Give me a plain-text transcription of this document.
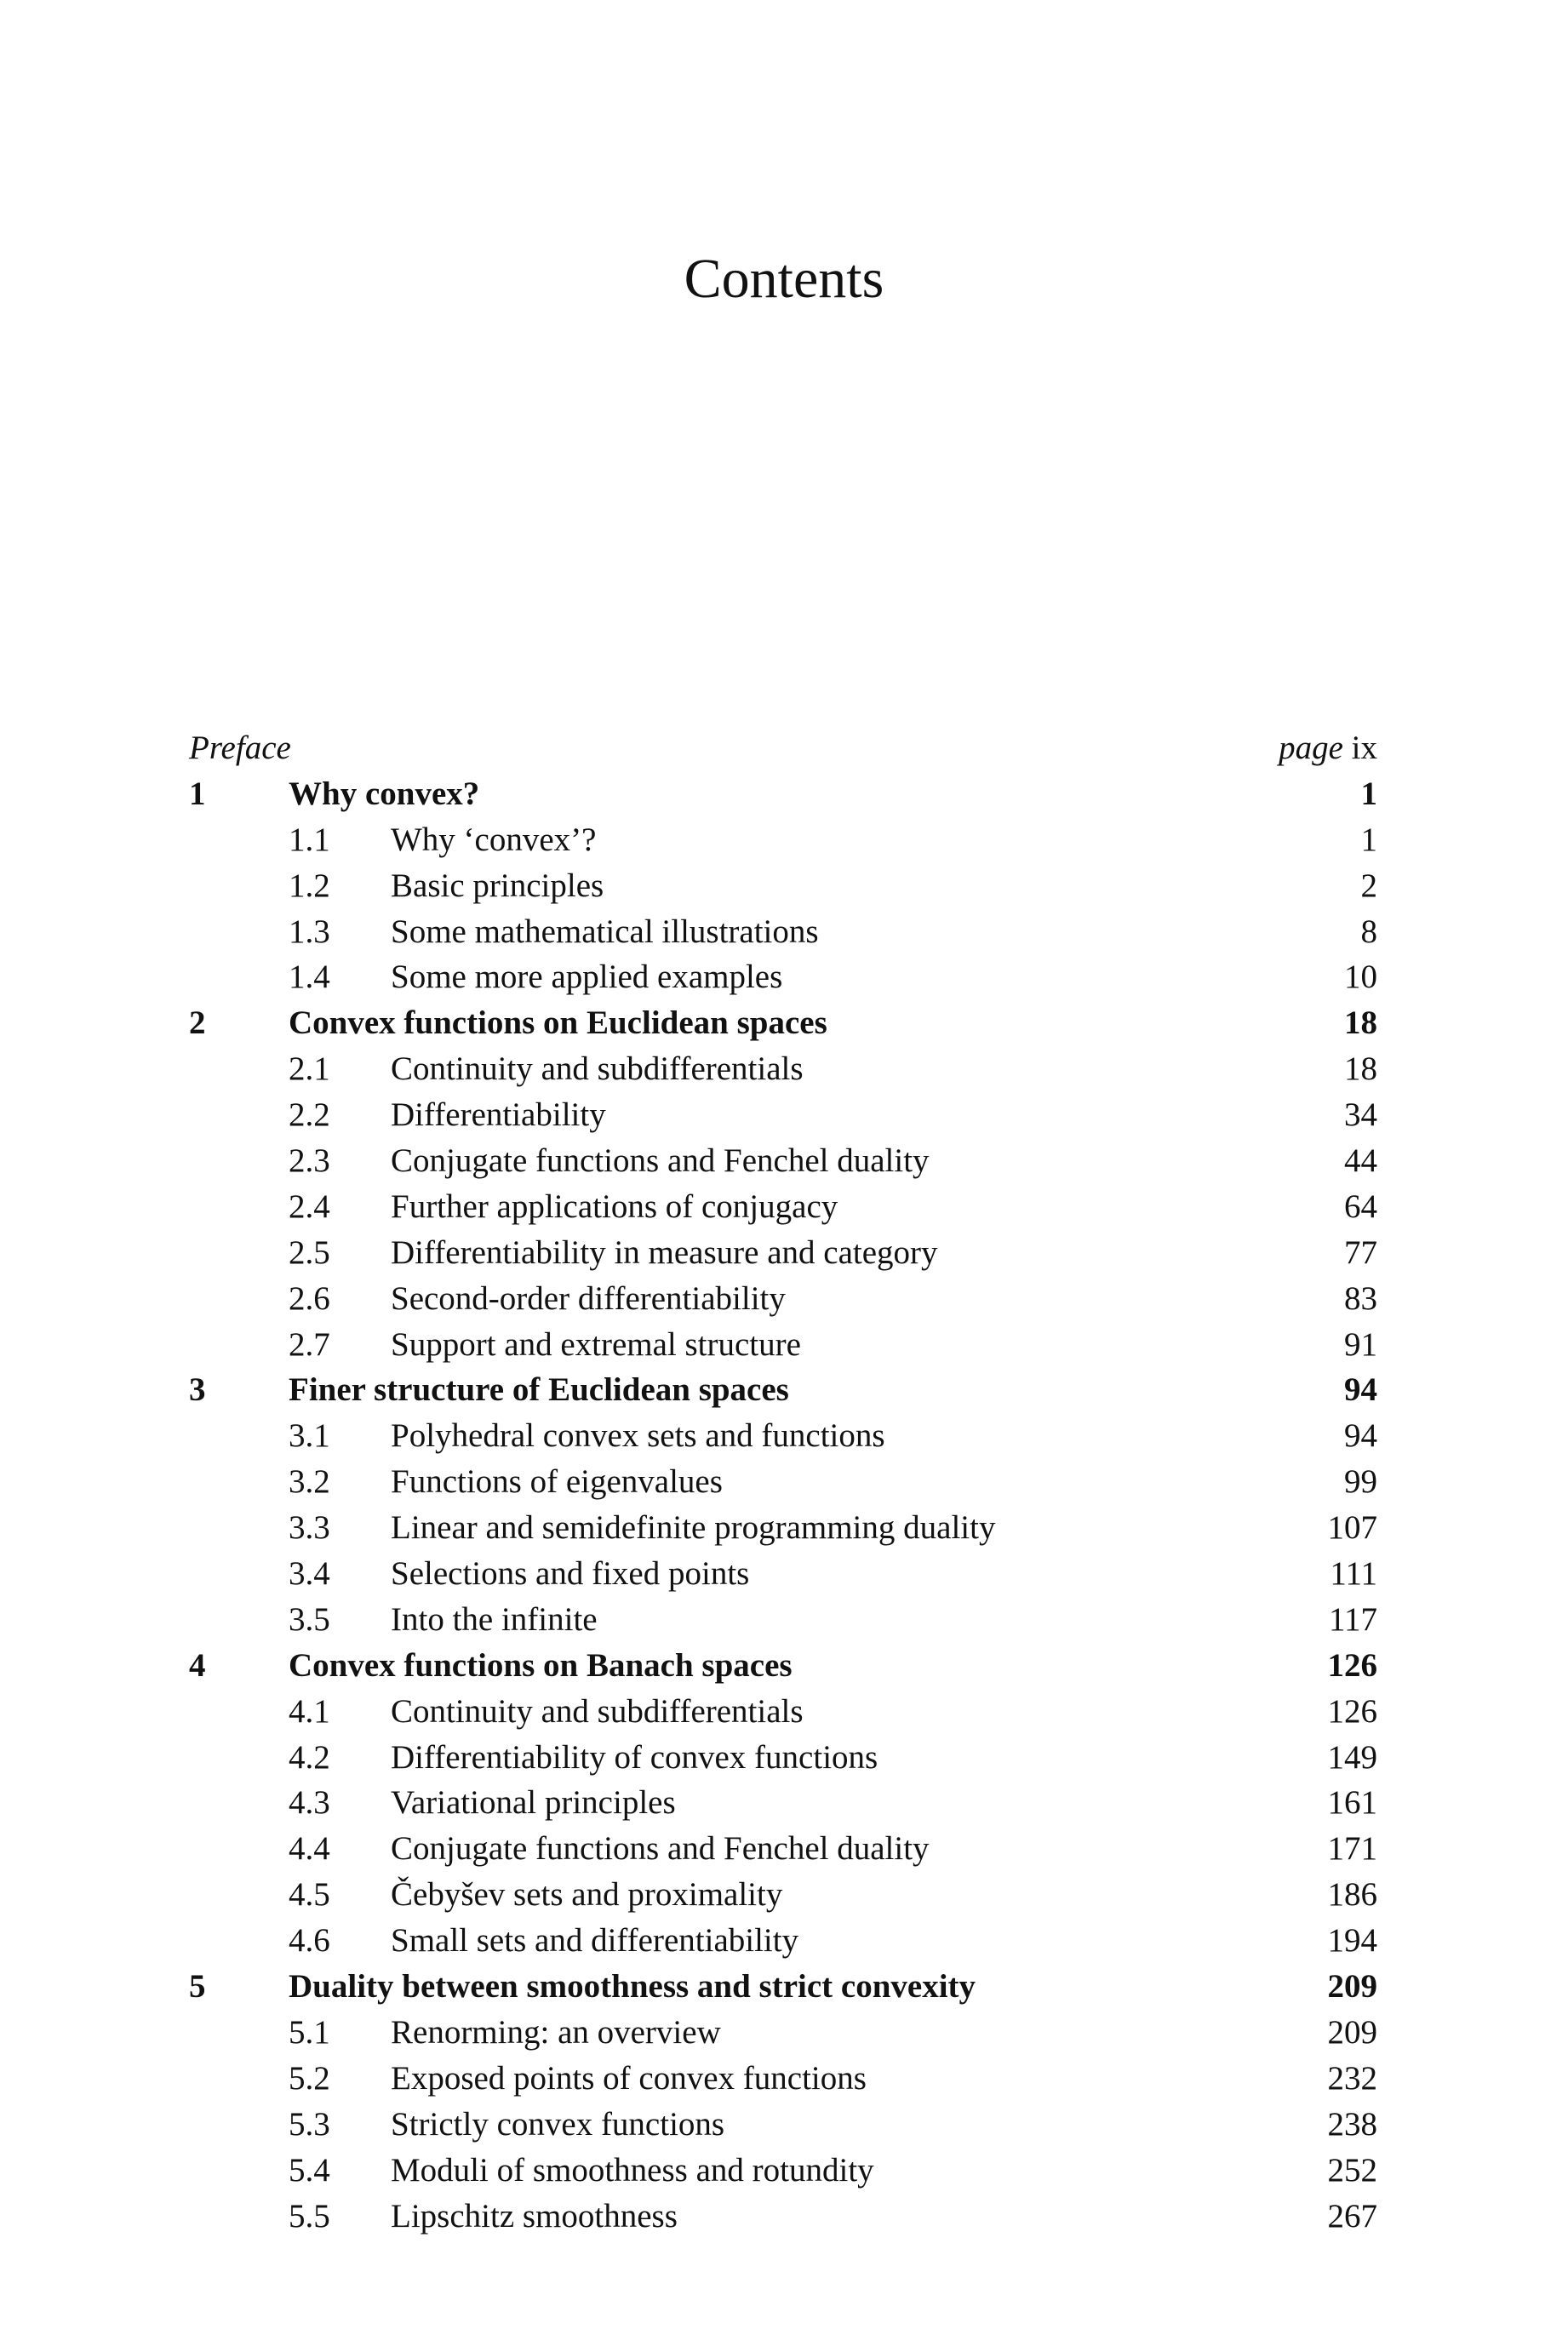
Contents
Preface	page ix
1	Why convex?	1
1.1 Why ‘convex’?	1
1.2 Basic principles	2
1.3 Some mathematical illustrations	8
1.4 Some more applied examples	10
2	Convex functions on Euclidean spaces	18
2.1 Continuity and subdifferentials	18
2.2 Differentiability	34
2.3 Conjugate functions and Fenchel duality	44
2.4 Further applications of conjugacy	64
2.5 Differentiability in measure and category	77
2.6 Second-order differentiability	83
2.7 Support and extremal structure	91
3	Finer structure of Euclidean spaces	94
3.1 Polyhedral convex sets and functions	94
3.2 Functions of eigenvalues	99
3.3 Linear and semidefinite programming duality	107
3.4 Selections and fixed points	111
3.5 Into the infinite	117
4	Convex functions on Banach spaces	126
4.1 Continuity and subdifferentials	126
4.2 Differentiability of convex functions	149
4.3 Variational principles	161
4.4 Conjugate functions and Fenchel duality	171
4.5 Čebyšev sets and proximality	186
4.6 Small sets and differentiability	194
5	Duality between smoothness and strict convexity	209
5.1 Renorming: an overview	209
5.2 Exposed points of convex functions	232
5.3 Strictly convex functions	238
5.4 Moduli of smoothness and rotundity	252
5.5 Lipschitz smoothness	267
